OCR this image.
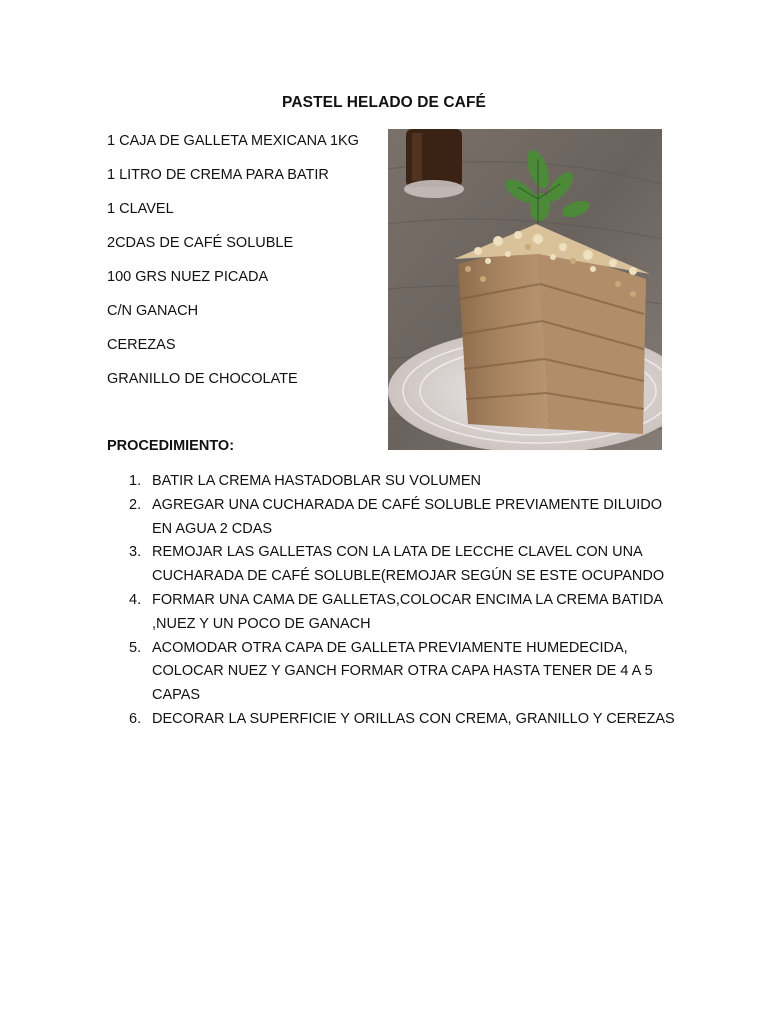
PASTEL HELADO DE CAFÉ
1 CAJA DE GALLETA MEXICANA 1KG
1 LITRO DE CREMA PARA BATIR
1 CLAVEL
2CDAS DE CAFÉ SOLUBLE
100 GRS NUEZ PICADA
C/N GANACH
CEREZAS
GRANILLO DE CHOCOLATE
PROCEDIMIENTO:
1. BATIR LA CREMA HASTADOBLAR SU VOLUMEN
2. AGREGAR UNA CUCHARADA DE CAFÉ SOLUBLE PREVIAMENTE DILUIDO EN AGUA 2 CDAS
3. REMOJAR LAS GALLETAS CON LA LATA DE LECCHE CLAVEL CON UNA CUCHARADA DE CAFÉ SOLUBLE(REMOJAR SEGÚN SE ESTE OCUPANDO
4. FORMAR UNA CAMA DE GALLETAS,COLOCAR ENCIMA LA CREMA BATIDA ,NUEZ Y UN POCO DE GANACH
5. ACOMODAR OTRA CAPA DE GALLETA PREVIAMENTE HUMEDECIDA, COLOCAR NUEZ Y GANCH FORMAR OTRA CAPA HASTA TENER DE 4 A 5 CAPAS
6. DECORAR LA SUPERFICIE Y ORILLAS CON CREMA, GRANILLO Y CEREZAS
